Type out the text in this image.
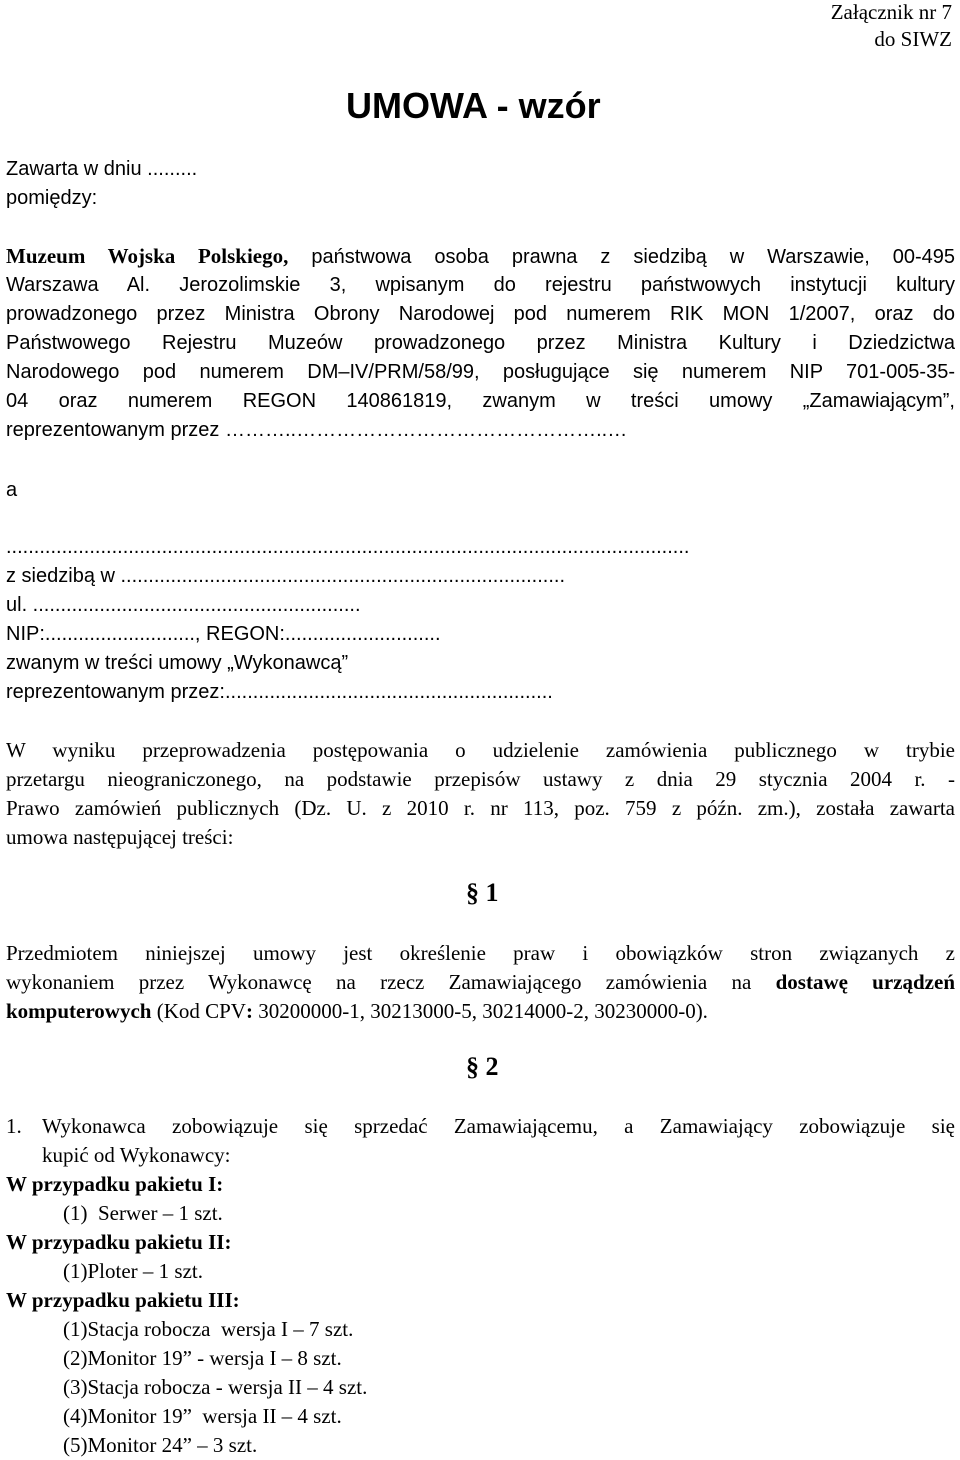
Załącznik nr 7
do SIWZ
UMOWA - wzór
Zawarta w dniu .........
pomiędzy:
Muzeum Wojska Polskiego, państwowa osoba prawna z siedzibą w Warszawie, 00-495
Warszawa Al. Jerozolimskie 3, wpisanym do rejestru państwowych instytucji kultury
prowadzonego przez Ministra Obrony Narodowej pod numerem RIK MON 1/2007, oraz do
Państwowego Rejestru Muzeów prowadzonego przez Ministra Kultury i Dziedzictwa
Narodowego pod numerem DM–IV/PRM/58/99, posługujące się numerem NIP 701-005-35-
04 oraz numerem REGON 140861819, zwanym w treści umowy „Zamawiającym”,
reprezentowanym przez ………..………………………………………..…
a
...........................................................................................................................
z siedzibą w ................................................................................
ul. ...........................................................
NIP:..........................., REGON:............................
zwanym w treści umowy „Wykonawcą”
reprezentowanym przez:...........................................................
W wyniku przeprowadzenia postępowania o udzielenie zamówienia publicznego w trybie
przetargu nieograniczonego, na podstawie przepisów ustawy z dnia 29 stycznia 2004 r. -
Prawo zamówień publicznych (Dz. U. z 2010 r. nr 113, poz. 759 z późn. zm.), została zawarta
umowa następującej treści:
§ 1
Przedmiotem niniejszej umowy jest określenie praw i obowiązków stron związanych z
wykonaniem przez Wykonawcę na rzecz Zamawiającego zamówienia na dostawę urządzeń
komputerowych (Kod CPV: 30200000-1, 30213000-5, 30214000-2, 30230000-0).
§ 2
1. Wykonawca zobowiązuje się sprzedać Zamawiającemu, a Zamawiający zobowiązuje się
kupić od Wykonawcy:
W przypadku pakietu I:
(1)  Serwer – 1 szt.
W przypadku pakietu II:
(1)Ploter – 1 szt.
W przypadku pakietu III:
(1)Stacja robocza  wersja I – 7 szt.
(2)Monitor 19” - wersja I – 8 szt.
(3)Stacja robocza - wersja II – 4 szt.
(4)Monitor 19”  wersja II – 4 szt.
(5)Monitor 24” – 3 szt.
